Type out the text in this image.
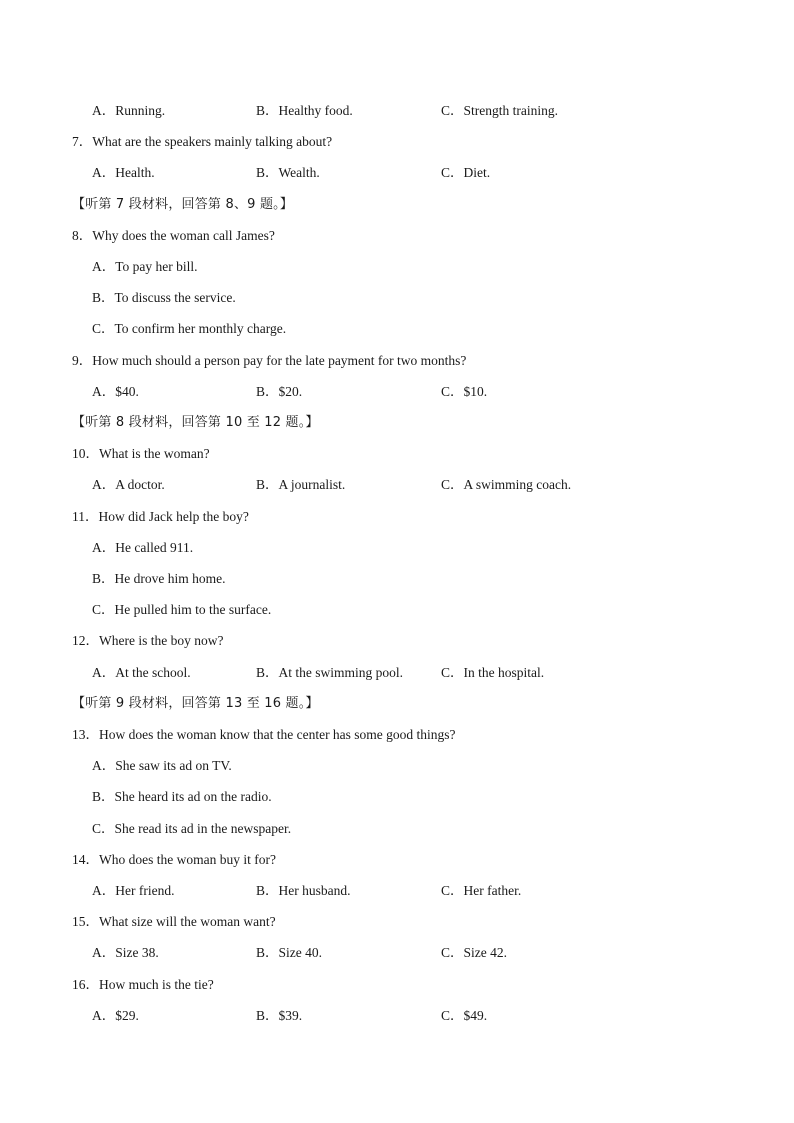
A．Running.	B．Healthy food.	C．Strength training.
7．What are the speakers mainly talking about?
A．Health.	B．Wealth.	C．Diet.
【听第 7 段材料，回答第 8、9 题。】
8．Why does the woman call James?
A．To pay her bill.
B．To discuss the service.
C．To confirm her monthly charge.
9．How much should a person pay for the late payment for two months?
A．$40.	B．$20.	C．$10.
【听第 8 段材料，回答第 10 至 12 题。】
10．What is the woman?
A．A doctor.	B．A journalist.	C．A swimming coach.
11．How did Jack help the boy?
A．He called 911.
B．He drove him home.
C．He pulled him to the surface.
12．Where is the boy now?
A．At the school.	B．At the swimming pool.	C．In the hospital.
【听第 9 段材料，回答第 13 至 16 题。】
13．How does the woman know that the center has some good things?
A．She saw its ad on TV.
B．She heard its ad on the radio.
C．She read its ad in the newspaper.
14．Who does the woman buy it for?
A．Her friend.	B．Her husband.	C．Her father.
15．What size will the woman want?
A．Size 38.	B．Size 40.	C．Size 42.
16．How much is the tie?
A．$29.	B．$39.	C．$49.
